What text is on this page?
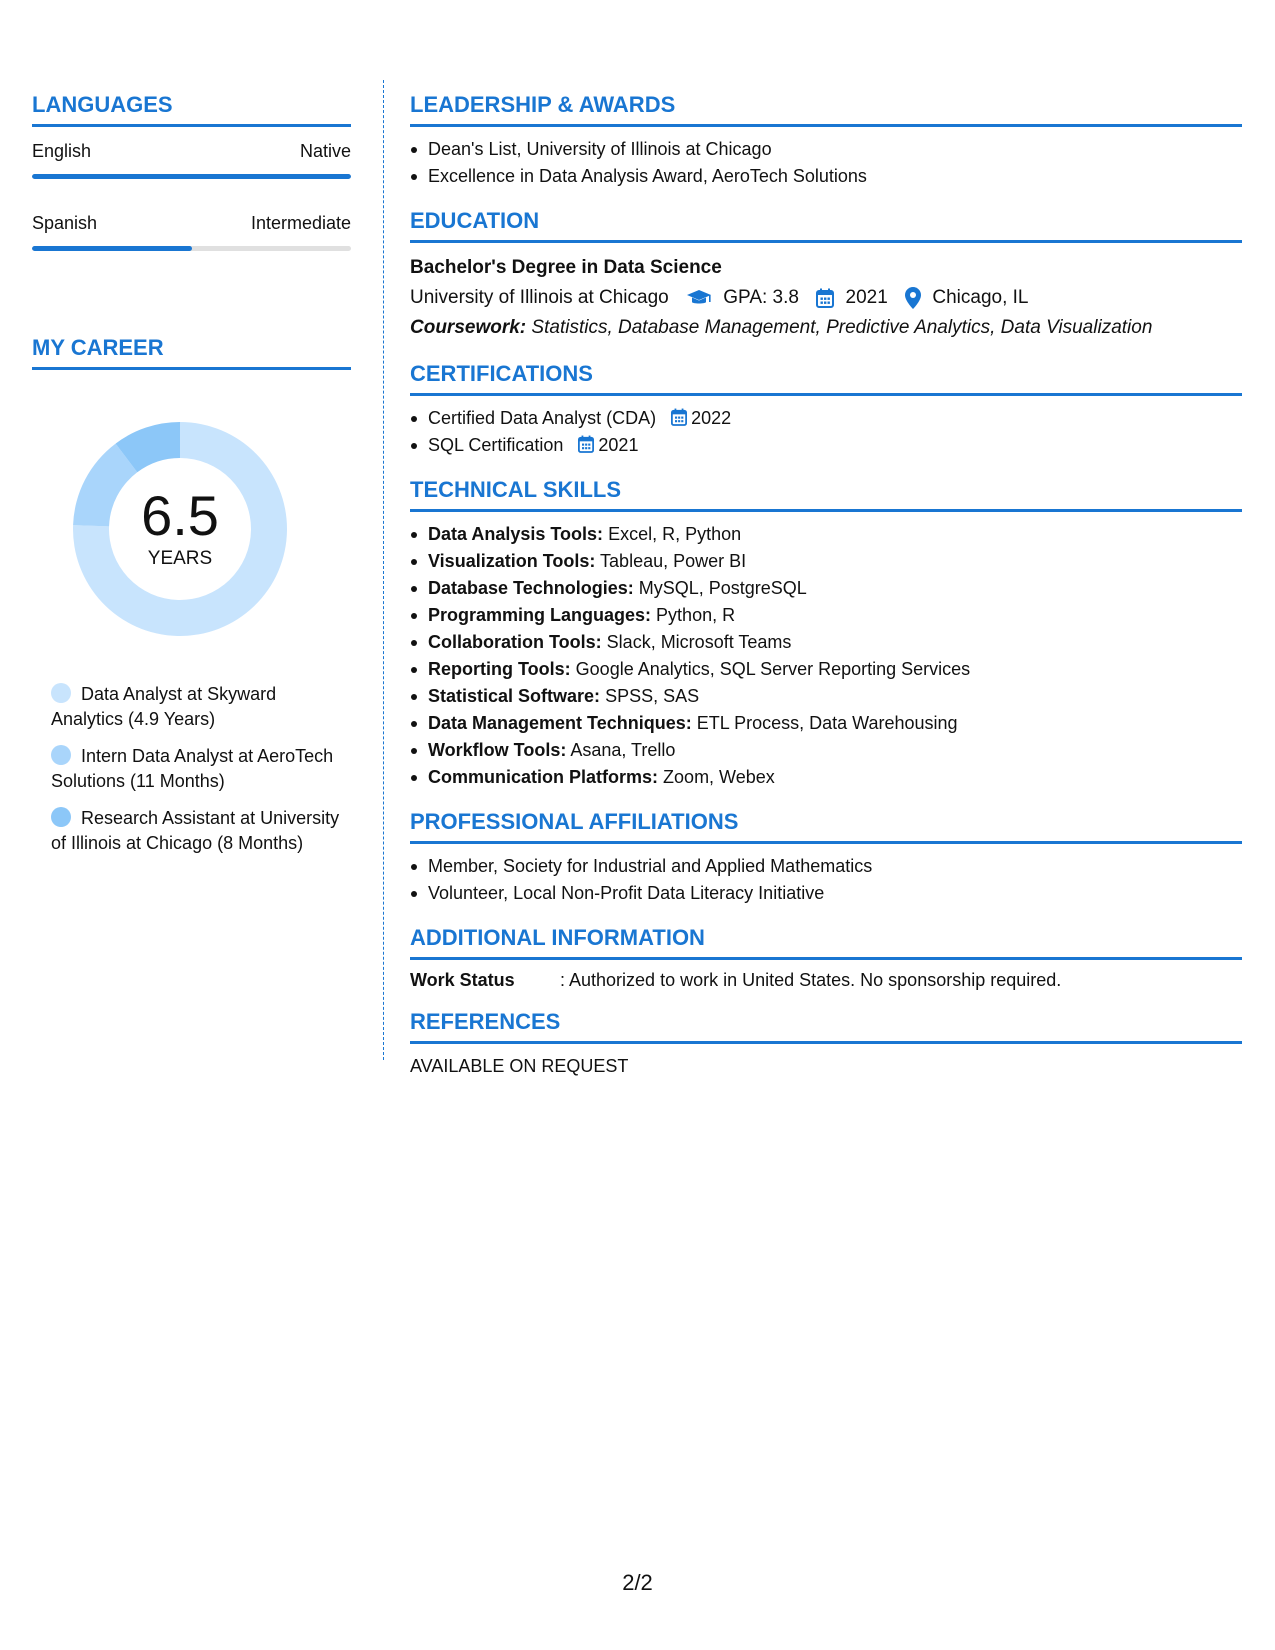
LANGUAGES
English	Native
Spanish	Intermediate
MY CAREER
6.5
YEARS
Data Analyst at Skyward Analytics (4.9 Years)
Intern Data Analyst at AeroTech Solutions (11 Months)
Research Assistant at University of Illinois at Chicago (8 Months)
LEADERSHIP & AWARDS
Dean's List, University of Illinois at Chicago
Excellence in Data Analysis Award, AeroTech Solutions
EDUCATION
Bachelor's Degree in Data Science
University of Illinois at Chicago	GPA: 3.8 2021 Chicago, IL
Coursework: Statistics, Database Management, Predictive Analytics, Data Visualization
CERTIFICATIONS
Certified Data Analyst (CDA) 2022
SQL Certification 2021
TECHNICAL SKILLS
Data Analysis Tools: Excel, R, Python
Visualization Tools: Tableau, Power BI
Database Technologies: MySQL, PostgreSQL
Programming Languages: Python, R
Collaboration Tools: Slack, Microsoft Teams
Reporting Tools: Google Analytics, SQL Server Reporting Services
Statistical Software: SPSS, SAS
Data Management Techniques: ETL Process, Data Warehousing
Workflow Tools: Asana, Trello
Communication Platforms: Zoom, Webex
PROFESSIONAL AFFILIATIONS
Member, Society for Industrial and Applied Mathematics
Volunteer, Local Non-Profit Data Literacy Initiative
ADDITIONAL INFORMATION
Work Status	: Authorized to work in United States. No sponsorship required.
REFERENCES
AVAILABLE ON REQUEST
2/2
